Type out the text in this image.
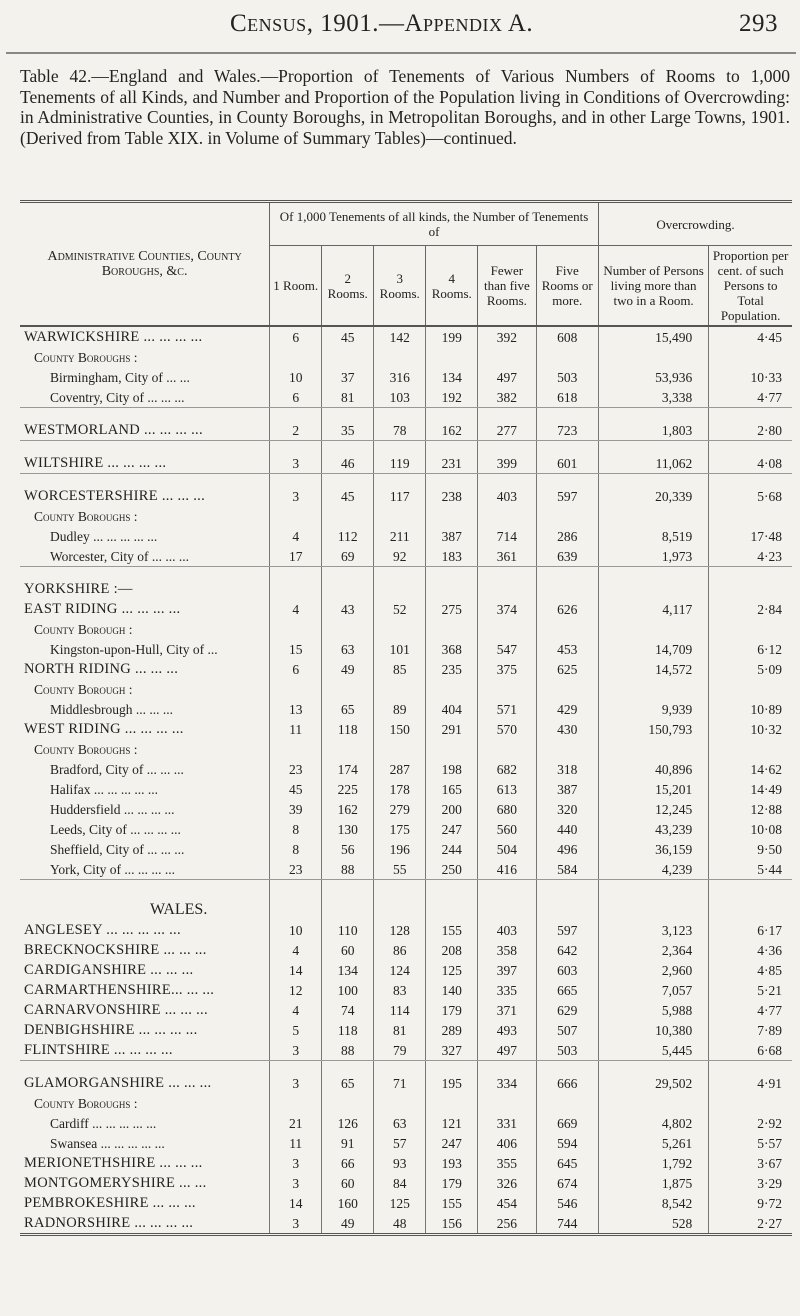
Census, 1901.—Appendix A.	293
Table 42.—England and Wales.—Proportion of Tenements of Various Numbers of Rooms to 1,000 Tenements of all Kinds, and Number and Proportion of the Population living in Conditions of Overcrowding: in Administrative Counties, in County Boroughs, in Metropolitan Boroughs, and in other Large Towns, 1901. (Derived from Table XIX. in Volume of Summary Tables)—continued.
Administrative Counties, County Boroughs, &c.	Of 1,000 Tenements of all kinds, the Number of Tenements of						Overcrowding.	
	1 Room.	2 Rooms.	3 Rooms.	4 Rooms.	Fewer than five Rooms.	Five Rooms or more.	Number of Persons living more than two in a Room.	Proportion per cent. of such Persons to Total Population.
WARWICKSHIRE ... ... ... ...	6	45	142	199	392	608	15,490	4·45
County Boroughs :								
Birmingham, City of ... ...	10	37	316	134	497	503	53,936	10·33
Coventry, City of ... ... ...	6	81	103	192	382	618	3,338	4·77

WESTMORLAND ... ... ... ...	2	35	78	162	277	723	1,803	2·80

WILTSHIRE ... ... ... ...	3	46	119	231	399	601	11,062	4·08

WORCESTERSHIRE ... ... ...	3	45	117	238	403	597	20,339	5·68
County Boroughs :								
Dudley ... ... ... ... ...	4	112	211	387	714	286	8,519	17·48
Worcester, City of ... ... ...	17	69	92	183	361	639	1,973	4·23

YORKSHIRE :—								
EAST RIDING ... ... ... ...	4	43	52	275	374	626	4,117	2·84
County Borough :								
Kingston-upon-Hull, City of ...	15	63	101	368	547	453	14,709	6·12
NORTH RIDING ... ... ...	6	49	85	235	375	625	14,572	5·09
County Borough :								
Middlesbrough ... ... ...	13	65	89	404	571	429	9,939	10·89
WEST RIDING ... ... ... ...	11	118	150	291	570	430	150,793	10·32
County Boroughs :								
Bradford, City of ... ... ...	23	174	287	198	682	318	40,896	14·62
Halifax ... ... ... ... ...	45	225	178	165	613	387	15,201	14·49
Huddersfield ... ... ... ...	39	162	279	200	680	320	12,245	12·88
Leeds, City of ... ... ... ...	8	130	175	247	560	440	43,239	10·08
Sheffield, City of ... ... ...	8	56	196	244	504	496	36,159	9·50
York, City of ... ... ... ...	23	88	55	250	416	584	4,239	5·44

WALES.								
ANGLESEY ... ... ... ... ...	10	110	128	155	403	597	3,123	6·17
BRECKNOCKSHIRE ... ... ...	4	60	86	208	358	642	2,364	4·36
CARDIGANSHIRE ... ... ...	14	134	124	125	397	603	2,960	4·85
CARMARTHENSHIRE... ... ...	12	100	83	140	335	665	7,057	5·21
CARNARVONSHIRE ... ... ...	4	74	114	179	371	629	5,988	4·77
DENBIGHSHIRE ... ... ... ...	5	118	81	289	493	507	10,380	7·89
FLINTSHIRE ... ... ... ...	3	88	79	327	497	503	5,445	6·68

GLAMORGANSHIRE ... ... ...	3	65	71	195	334	666	29,502	4·91
County Boroughs :								
Cardiff ... ... ... ... ...	21	126	63	121	331	669	4,802	2·92
Swansea ... ... ... ... ...	11	91	57	247	406	594	5,261	5·57
MERIONETHSHIRE ... ... ...	3	66	93	193	355	645	1,792	3·67
MONTGOMERYSHIRE ... ...	3	60	84	179	326	674	1,875	3·29
PEMBROKESHIRE ... ... ...	14	160	125	155	454	546	8,542	9·72
RADNORSHIRE ... ... ... ...	3	49	48	156	256	744	528	2·27
